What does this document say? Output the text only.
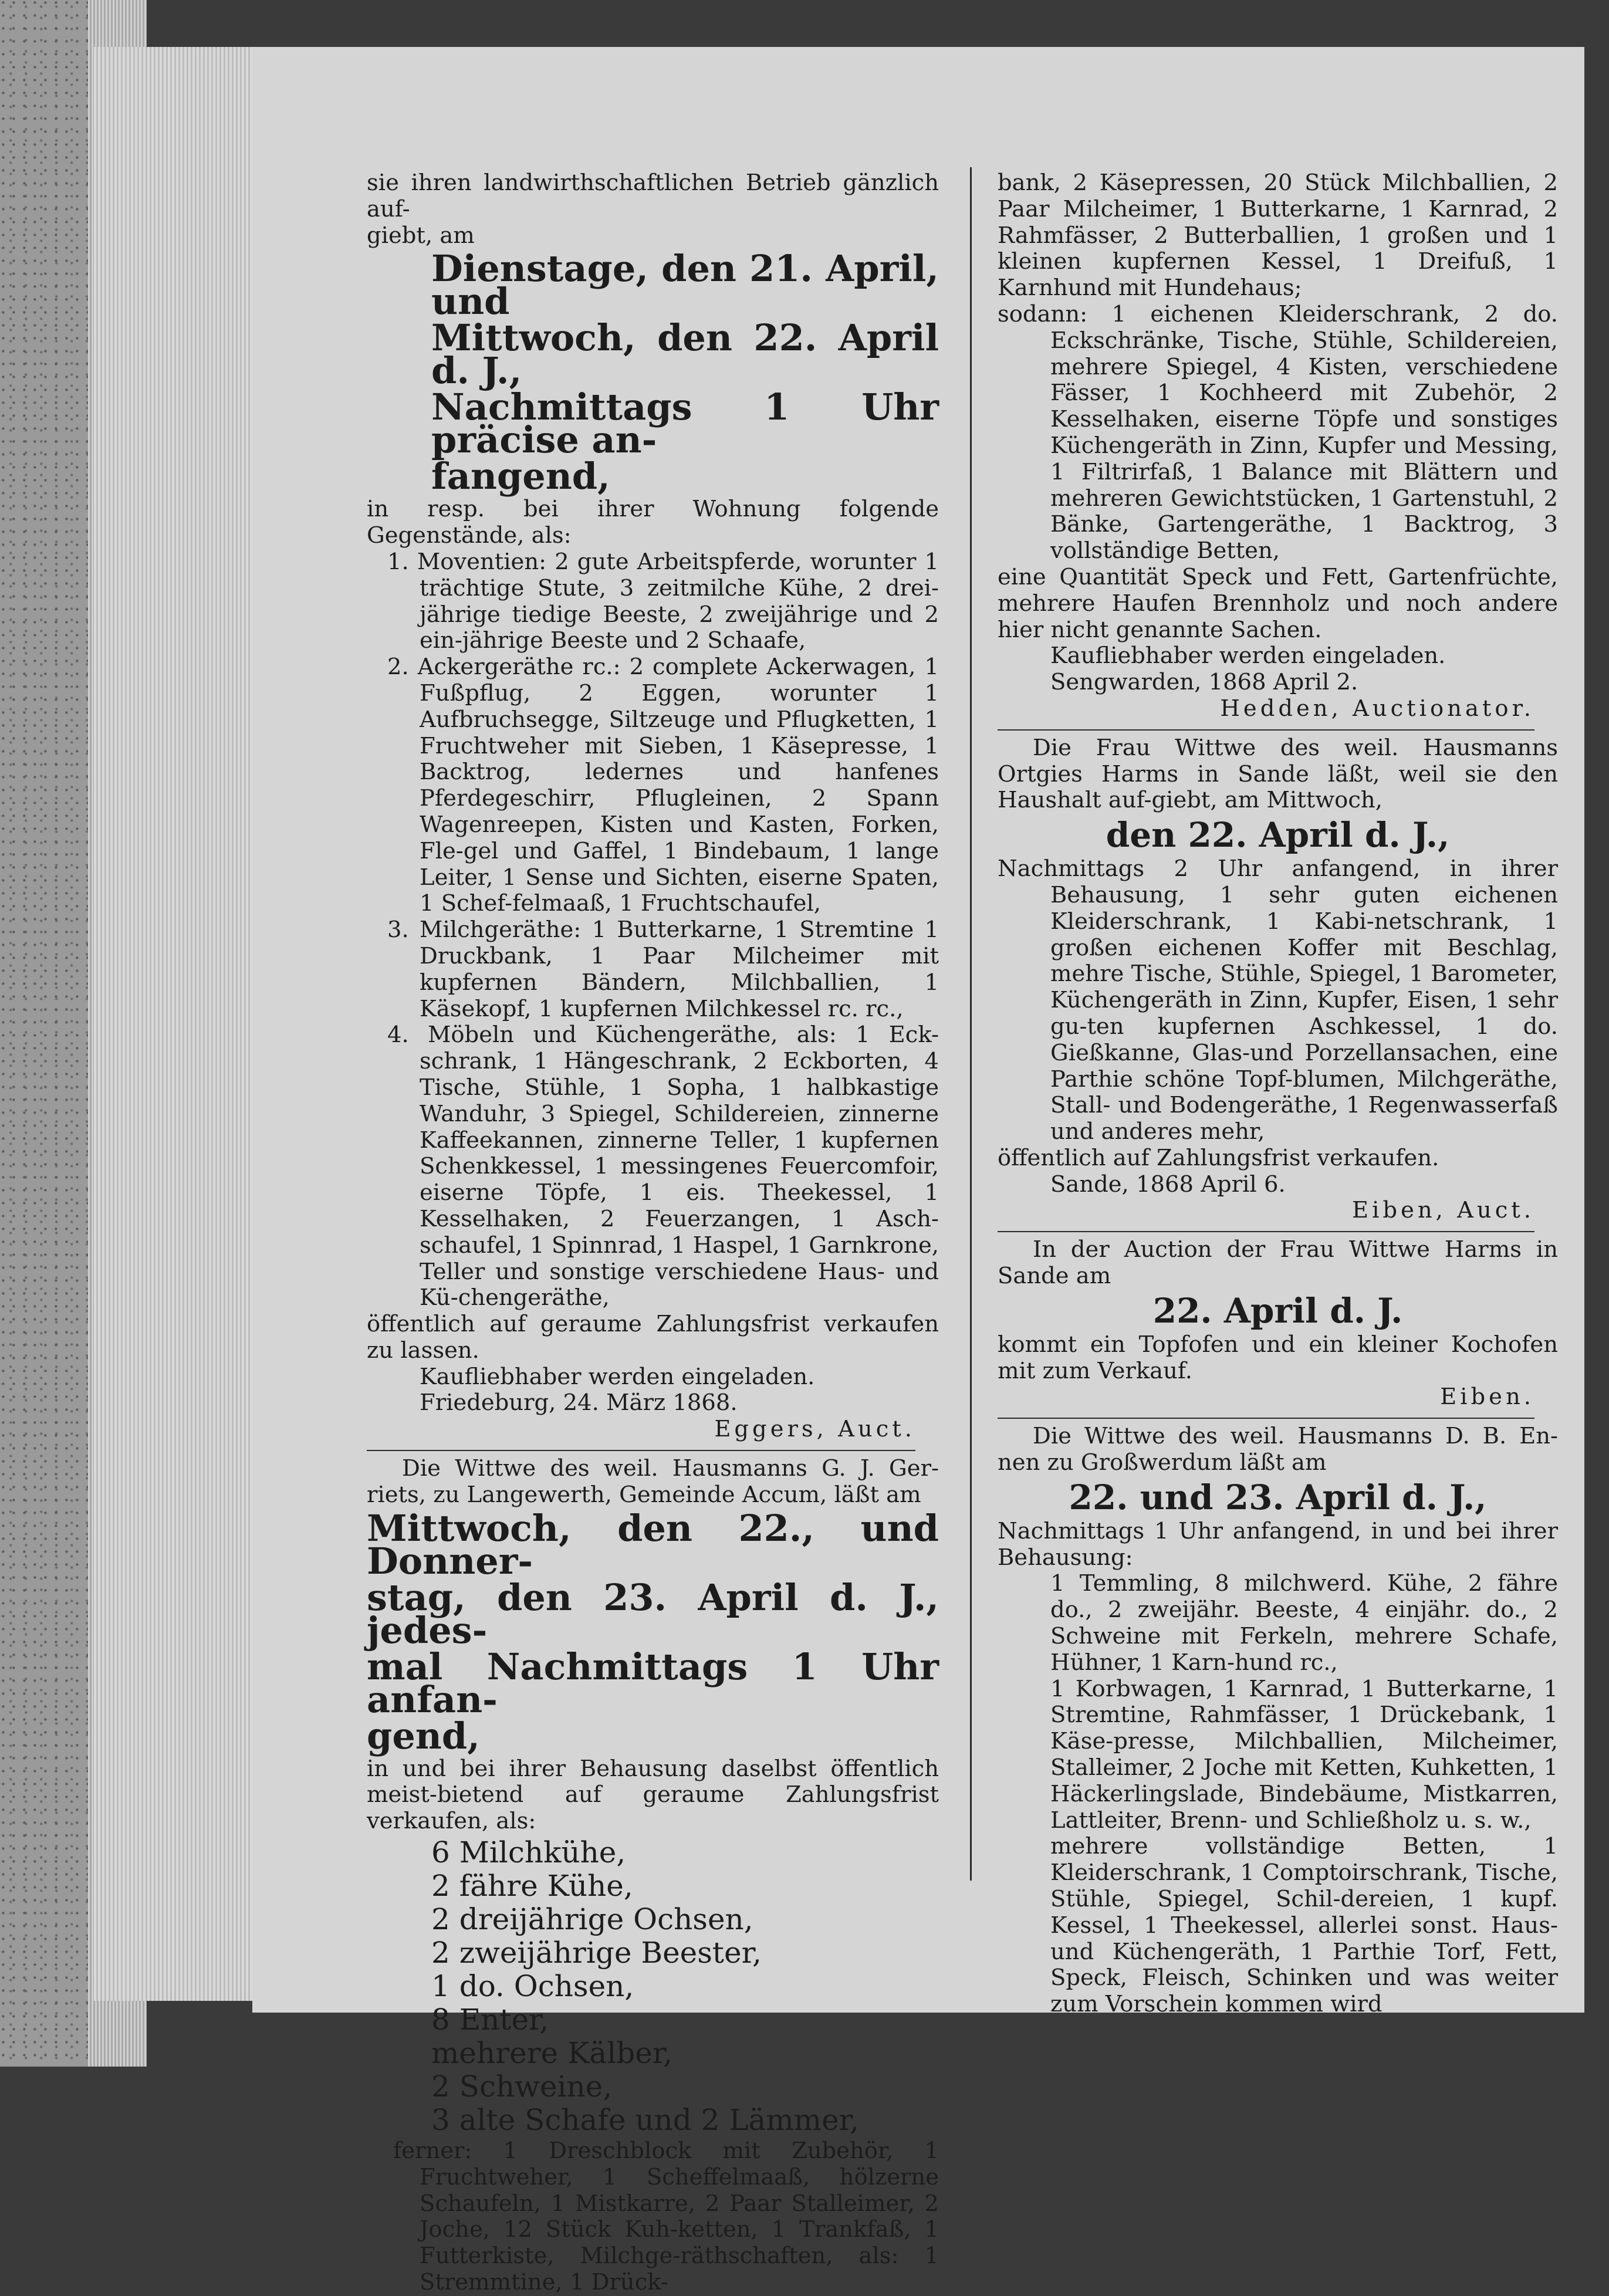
sie ihren landwirthschaftlichen Betrieb gänzlich auf-

giebt, am

Dienstage, den 21. April, und

Mittwoch, den 22. April d. J.,

Nachmittags 1 Uhr präcise an-

fangend,

in resp. bei ihrer Wohnung folgende Gegenstände, als:

1. Moventien: 2 gute Arbeitspferde, worunter 1 trächtige Stute, 3 zeitmilche Kühe, 2 drei-jährige tiedige Beeste, 2 zweijährige und 2 ein-jährige Beeste und 2 Schaafe,

2. Ackergeräthe rc.: 2 complete Ackerwagen, 1 Fußpflug, 2 Eggen, worunter 1 Aufbruchsegge, Siltzeuge und Pflugketten, 1 Fruchtweher mit Sieben, 1 Käsepresse, 1 Backtrog, ledernes und hanfenes Pferdegeschirr, Pflugleinen, 2 Spann Wagenreepen, Kisten und Kasten, Forken, Fle-gel und Gaffel, 1 Bindebaum, 1 lange Leiter, 1 Sense und Sichten, eiserne Spaten, 1 Schef-felmaaß, 1 Fruchtschaufel,

3. Milchgeräthe: 1 Butterkarne, 1 Stremtine 1 Druckbank, 1 Paar Milcheimer mit kupfernen Bändern, Milchballien, 1 Käsekopf, 1 kupfernen Milchkessel rc. rc.,

4. Möbeln und Küchengeräthe, als: 1 Eck-schrank, 1 Hängeschrank, 2 Eckborten, 4 Tische, Stühle, 1 Sopha, 1 halbkastige Wanduhr, 3 Spiegel, Schildereien, zinnerne Kaffeekannen, zinnerne Teller, 1 kupfernen Schenkkessel, 1 messingenes Feuercomfoir, eiserne Töpfe, 1 eis. Theekessel, 1 Kesselhaken, 2 Feuerzangen, 1 Asch-schaufel, 1 Spinnrad, 1 Haspel, 1 Garnkrone, Teller und sonstige verschiedene Haus- und Kü-chengeräthe,

öffentlich auf geraume Zahlungsfrist verkaufen zu lassen.

Kaufliebhaber werden eingeladen.

Friedeburg, 24. März 1868.

Eggers, Auct.

Die Wittwe des weil. Hausmanns G. J. Ger-riets, zu Langewerth, Gemeinde Accum, läßt am

Mittwoch, den 22., und Donner-

stag, den 23. April d. J., jedes-

mal Nachmittags 1 Uhr anfan-

gend,

in und bei ihrer Behausung daselbst öffentlich meist-bietend auf geraume Zahlungsfrist verkaufen, als:

6 Milchkühe,

2 fähre Kühe,

2 dreijährige Ochsen,

2 zweijährige Beester,

1 do. Ochsen,

8 Enter,

mehrere Kälber,

2 Schweine,

3 alte Schafe und 2 Lämmer,

ferner: 1 Dreschblock mit Zubehör, 1 Fruchtweher, 1 Scheffelmaaß, hölzerne Schaufeln, 1 Mistkarre, 2 Paar Stalleimer, 2 Joche, 12 Stück Kuh-ketten, 1 Trankfaß, 1 Futterkiste, Milchge-räthschaften, als: 1 Stremmtine, 1 Drück-

bank, 2 Käsepressen, 20 Stück Milchballien, 2 Paar Milcheimer, 1 Butterkarne, 1 Karnrad, 2 Rahmfässer, 2 Butterballien, 1 großen und 1 kleinen kupfernen Kessel, 1 Dreifuß, 1 Karnhund mit Hundehaus;

sodann: 1 eichenen Kleiderschrank, 2 do. Eckschränke, Tische, Stühle, Schildereien, mehrere Spiegel, 4 Kisten, verschiedene Fässer, 1 Kochheerd mit Zubehör, 2 Kesselhaken, eiserne Töpfe und sonstiges Küchengeräth in Zinn, Kupfer und Messing, 1 Filtrirfaß, 1 Balance mit Blättern und mehreren Gewichtstücken, 1 Gartenstuhl, 2 Bänke, Gartengeräthe, 1 Backtrog, 3 vollständige Betten,

eine Quantität Speck und Fett, Gartenfrüchte, mehrere Haufen Brennholz und noch andere hier nicht genannte Sachen.

Kaufliebhaber werden eingeladen.

Sengwarden, 1868 April 2.

Hedden, Auctionator.

Die Frau Wittwe des weil. Hausmanns Ortgies Harms in Sande läßt, weil sie den Haushalt auf-giebt, am Mittwoch,

den 22. April d. J.,

Nachmittags 2 Uhr anfangend, in ihrer Behausung, 1 sehr guten eichenen Kleiderschrank, 1 Kabi-netschrank, 1 großen eichenen Koffer mit Beschlag, mehre Tische, Stühle, Spiegel, 1 Barometer, Küchengeräth in Zinn, Kupfer, Eisen, 1 sehr gu-ten kupfernen Aschkessel, 1 do. Gießkanne, Glas-und Porzellansachen, eine Parthie schöne Topf-blumen, Milchgeräthe, Stall- und Bodengeräthe, 1 Regenwasserfaß und anderes mehr,

öffentlich auf Zahlungsfrist verkaufen.

Sande, 1868 April 6.

Eiben, Auct.

In der Auction der Frau Wittwe Harms in Sande am

22. April d. J.

kommt ein Topfofen und ein kleiner Kochofen mit zum Verkauf.

Eiben.

Die Wittwe des weil. Hausmanns D. B. En-nen zu Großwerdum läßt am

22. und 23. April d. J.,

Nachmittags 1 Uhr anfangend, in und bei ihrer Behausung:

1 Temmling, 8 milchwerd. Kühe, 2 fähre do., 2 zweijähr. Beeste, 4 einjähr. do., 2 Schweine mit Ferkeln, mehrere Schafe, Hühner, 1 Karn-hund rc.,

1 Korbwagen, 1 Karnrad, 1 Butterkarne, 1 Stremtine, Rahmfässer, 1 Drückebank, 1 Käse-presse, Milchballien, Milcheimer, Stalleimer, 2 Joche mit Ketten, Kuhketten, 1 Häckerlingslade, Bindebäume, Mistkarren, Lattleiter, Brenn- und Schließholz u. s. w.,

mehrere vollständige Betten, 1 Kleiderschrank, 1 Comptoirschrank, Tische, Stühle, Spiegel, Schil-dereien, 1 kupf. Kessel, 1 Theekessel, allerlei sonst. Haus- und Küchengeräth, 1 Parthie Torf, Fett, Speck, Fleisch, Schinken und was weiter zum Vorschein kommen wird
